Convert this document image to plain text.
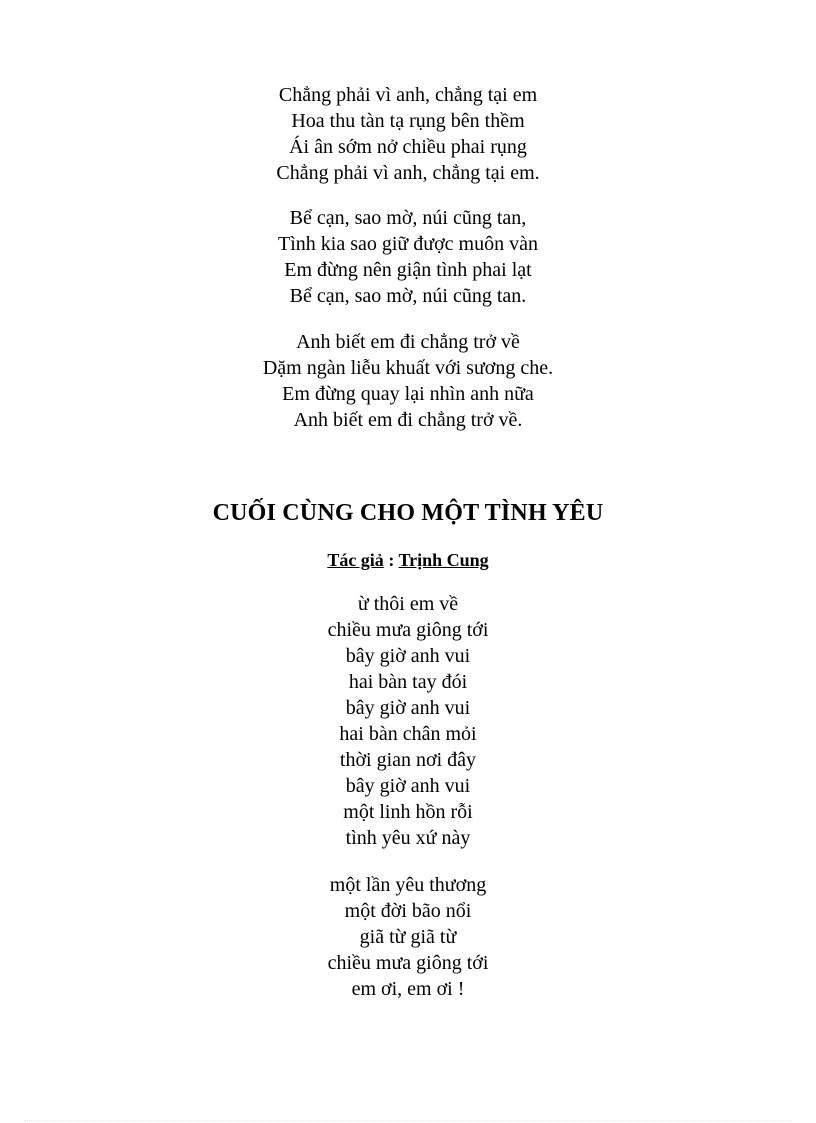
Chẳng phải vì anh, chẳng tại em
Hoa thu tàn tạ rụng bên thềm
Ái ân sớm nở chiều phai rụng
Chẳng phải vì anh, chẳng tại em.
Bể cạn, sao mờ, núi cũng tan,
Tình kia sao giữ được muôn vàn
Em đừng nên giận tình phai lạt
Bể cạn, sao mờ, núi cũng tan.
Anh biết em đi chẳng trở về
Dặm ngàn liễu khuất với sương che.
Em đừng quay lại nhìn anh nữa
Anh biết em đi chẳng trở về.
CUỐI CÙNG CHO MỘT TÌNH YÊU
Tác giả : Trịnh Cung
ừ thôi em về
chiều mưa giông tới
bây giờ anh vui
hai bàn tay đói
bây giờ anh vui
hai bàn chân mỏi
thời gian nơi đây
bây giờ anh vui
một linh hồn rỗi
tình yêu xứ này
một lần yêu thương
một đời bão nổi
giã từ giã từ
chiều mưa giông tới
em ơi, em ơi !
